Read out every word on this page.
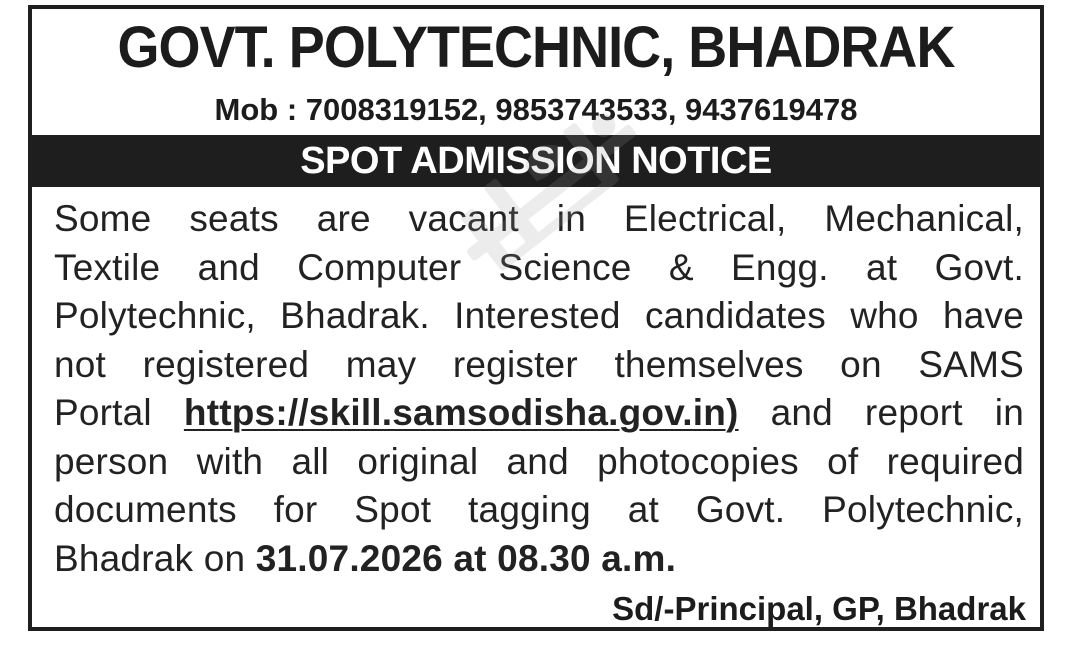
GOVT. POLYTECHNIC, BHADRAK
Mob : 7008319152, 9853743533, 9437619478
SPOT ADMISSION NOTICE
Some seats are vacant in Electrical, Mechanical,
Textile and Computer Science & Engg. at Govt.
Polytechnic, Bhadrak. Interested candidates who have
not registered may register themselves on SAMS
Portal https://skill.samsodisha.gov.in) and report in
person with all original and photocopies of required
documents for Spot tagging at Govt. Polytechnic,
Bhadrak on 31.07.2026 at 08.30 a.m.
Sd/-Principal, GP, Bhadrak
